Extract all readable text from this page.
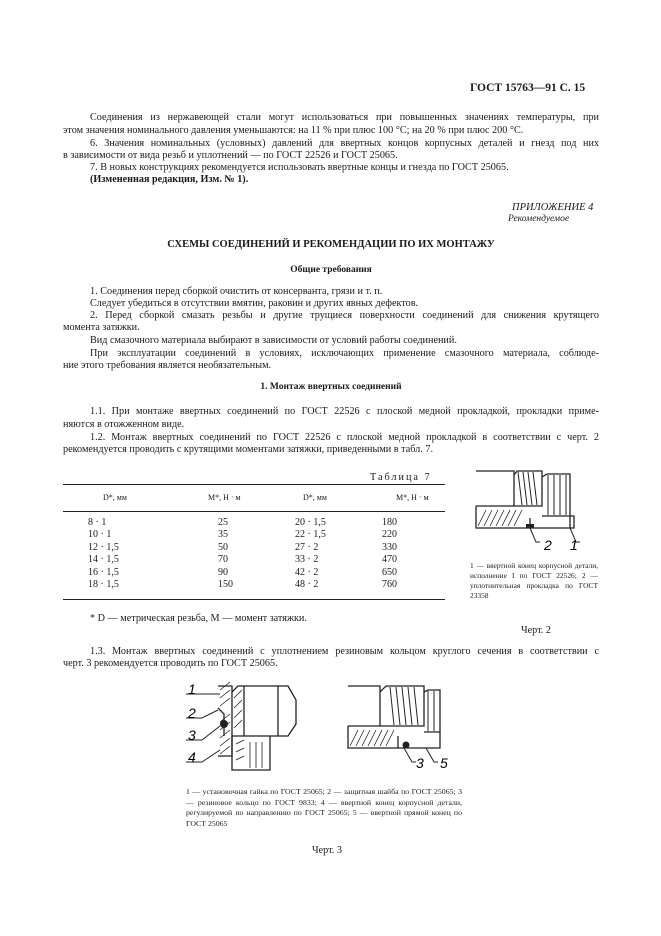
ГОСТ 15763—91 С. 15
Соединения из нержавеющей стали могут использоваться при повышенных значениях температуры, при
этом значения номинального давления уменьшаются: на 11 % при плюс 100 °С; на 20 % при плюс 200 °С.
6. Значения номинальных (условных) давлений для ввертных концов корпусных деталей и гнезд под них
в зависимости от вида резьб и уплотнений — по ГОСТ 22526 и ГОСТ 25065.
7. В новых конструкциях рекомендуется использовать ввертные концы и гнезда по ГОСТ 25065.
(Измененная редакция, Изм. № 1).
ПРИЛОЖЕНИЕ 4
Рекомендуемое
СХЕМЫ СОЕДИНЕНИЙ И РЕКОМЕНДАЦИИ ПО ИХ МОНТАЖУ
Общие требования
1. Соединения перед сборкой очистить от консерванта, грязи и т. п.
Следует убедиться в отсутствии вмятин, раковин и других явных дефектов.
2. Перед сборкой смазать резьбы и другие трущиеся поверхности соединений для снижения крутящего
момента затяжки.
Вид смазочного материала выбирают в зависимости от условий работы соединений.
При эксплуатации соединений в условиях, исключающих применение смазочного материала, соблюде-
ние этого требования является необязательным.
1. Монтаж ввертных соединений
1.1. При монтаже ввертных соединений по ГОСТ 22526 с плоской медной прокладкой, прокладки приме-
няются в отожженном виде.
1.2. Монтаж ввертных соединений по ГОСТ 22526 с плоской медной прокладкой в соответствии с черт. 2
рекомендуется проводить с крутящими моментами затяжки, приведенными в табл. 7.
Таблица 7
D*, мм	M*, Н · м	D*, мм	M*, Н · м
8 · 1	25	20 · 1,5	180
10 · 1	35	22 · 1,5	220
12 · 1,5	50	27 · 2	330
14 · 1,5	70	33 · 2	470
16 · 1,5	90	42 · 2	650
18 · 1,5	150	48 · 2	760
* D — метрическая резьба, M — момент затяжки.
2 1
1 — ввертной конец корпусной детали, исполнение I по ГОСТ 22526; 2 — уплотнительная прокладка по ГОСТ 23358
Черт. 2
1.3. Монтаж ввертных соединений с уплотнением резиновым кольцом круглого сечения в соответствии с
черт. 3 рекомендуется проводить по ГОСТ 25065.
1
2
3
4	3 5
1 — установочная гайка по ГОСТ 25065; 2 — защитная шайба по ГОСТ 25065; 3 — резиновое кольцо по ГОСТ 9833; 4 — ввертной конец корпусной детали, регулируемой по направлению по ГОСТ 25065; 5 — ввертной прямой конец по ГОСТ 25065
Черт. 3
